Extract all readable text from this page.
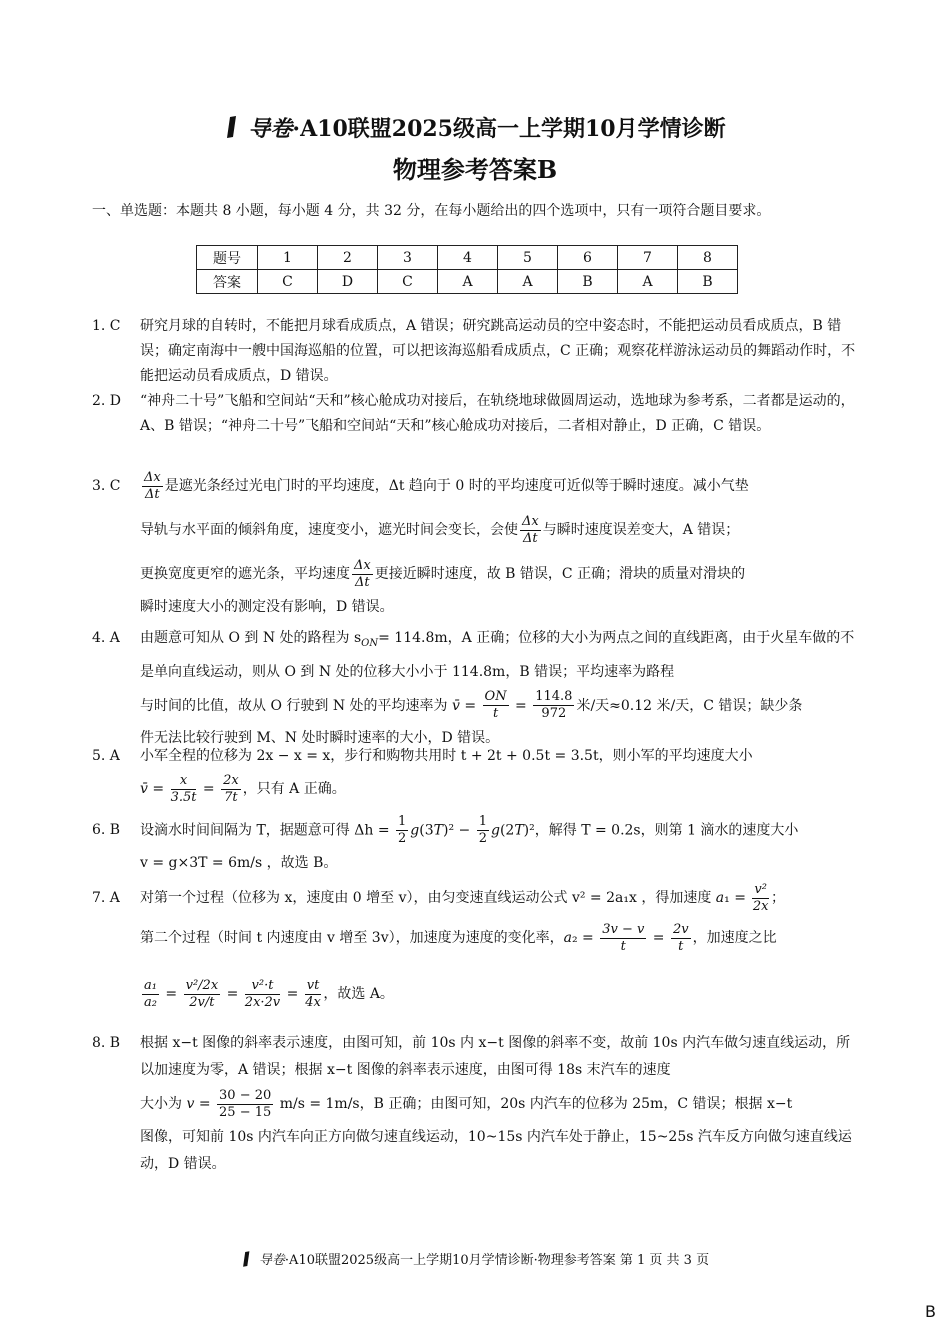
导卷·A10联盟2025级高一上学期10月学情诊断
物理参考答案B
一、单选题：本题共 8 小题，每小题 4 分，共 32 分，在每小题给出的四个选项中，只有一项符合题目要求。
题号	1	2	3	4	5	6	7	8
答案	C	D	C	A	A	B	A	B
1. C	研究月球的自转时，不能把月球看成质点，A 错误；研究跳高运动员的空中姿态时，不能把运动员看成质点，B 错误；确定南海中一艘中国海巡船的位置，可以把该海巡船看成质点，C 正确；观察花样游泳运动员的舞蹈动作时，不能把运动员看成质点，D 错误。
2. D	“神舟二十号”飞船和空间站“天和”核心舱成功对接后，在轨绕地球做圆周运动，选地球为参考系，二者都是运动的，A、B 错误；“神舟二十号”飞船和空间站“天和”核心舱成功对接后，二者相对静止，D 正确，C 错误。
3. C	$\frac{\Delta x}{\Delta t}$ 是遮光条经过光电门时的平均速度，Δt 趋向于 0 时的平均速度可近似等于瞬时速度。减小气垫
导轨与水平面的倾斜角度，速度变小，遮光时间会变长，会使 $\frac{\Delta x}{\Delta t}$ 与瞬时速度误差变大，A 错误；
更换宽度更窄的遮光条，平均速度 $\frac{\Delta x}{\Delta t}$ 更接近瞬时速度，故 B 错误，C 正确；滑块的质量对滑块的
瞬时速度大小的测定没有影响，D 错误。
4. A	由题意可知从 O 到 N 处的路程为 $s_{ON}= 114.8m$，A 正确；位移的大小为两点之间的直线距离，由于火星车做的不是单向直线运动，则从 O 到 N 处的位移大小小于 114.8m，B 错误；平均速率为路程
与时间的比值，故从 O 行驶到 N 处的平均速率为 v̄ = $\frac{ON}{t} = \frac{114.8}{972}$ 米/天≈0.12 米/天，C 错误；缺少条
件无法比较行驶到 M、N 处时瞬时速率的大小，D 错误。
5. A	小军全程的位移为 2x − x = x，步行和购物共用时 t + 2t + 0.5t = 3.5t，则小军的平均速度大小
v̄ = $\frac{x}{3.5t} = \frac{2x}{7t}$ ，只有 A 正确。
6. B	设滴水时间间隔为 T，据题意可得 $\Delta h = \frac{1}{2} g(3T)^2 - \frac{1}{2} g(2T)^2$，解得 T = 0.2s，则第 1 滴水的速度大小
v = g×3T = 6m/s ，故选 B。
7. A	对第一个过程（位移为 x，速度由 0 增至 v），由匀变速直线运动公式 v² = 2a₁x ，得加速度 $a_1 = \frac{\text{v²}}{2x}$ ；
第二个过程（时间 t 内速度由 v 增至 3v），加速度为速度的变化率，$a_2 = \frac{3v - v}{t} = \frac{2v}{t}$ ，加速度之比
$\frac{\text{a₁}}{\text{a₂}} = \frac{\text{v²/2x}}{2v/t} = \frac{\text{v²·t}}{2x\cdot 2v} = \frac{vt}{4x}$ ，故选 A。
8. B	根据 x−t 图像的斜率表示速度，由图可知，前 10s 内 x−t 图像的斜率不变，故前 10s 内汽车做匀速直线运动，所以加速度为零，A 错误；根据 x−t 图像的斜率表示速度，由图可得 18s 末汽车的速度
大小为 $v = \frac{30 - 20}{25 - 15} m/s = 1m/s$，B 正确；由图可知，20s 内汽车的位移为 25m，C 错误；根据 x−t
图像，可知前 10s 内汽车向正方向做匀速直线运动，10~15s 内汽车处于静止，15~25s 汽车反方向做匀速直线运动，D 错误。
导卷·A10联盟2025级高一上学期10月学情诊断·物理参考答案 第 1 页 共 3 页
B
